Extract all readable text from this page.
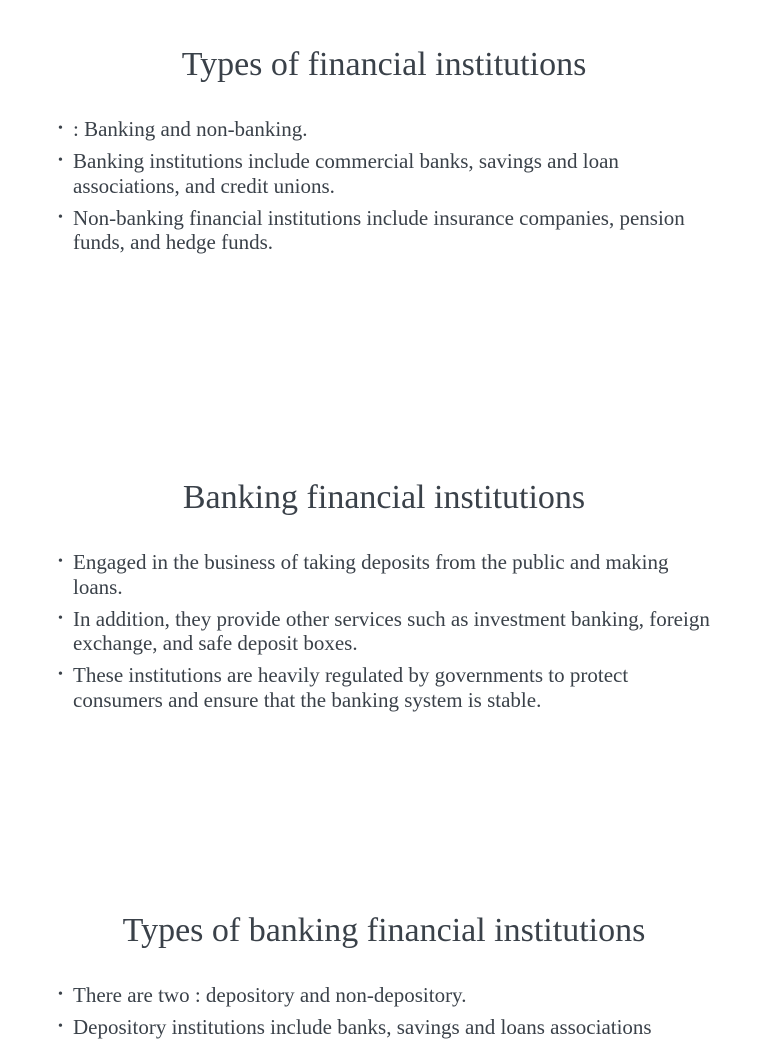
Types of financial institutions
• : Banking and non-banking.
• Banking institutions include commercial banks, savings and loan associations, and credit unions.
• Non-banking financial institutions include insurance companies, pension funds, and hedge funds.
Banking financial institutions
• Engaged in the business of taking deposits from the public and making loans.
• In addition, they provide other services such as investment banking, foreign exchange, and safe deposit boxes.
• These institutions are heavily regulated by governments to protect consumers and ensure that the banking system is stable.
Types of banking financial institutions
• There are two : depository and non-depository.
• Depository institutions include banks, savings and loans associations
